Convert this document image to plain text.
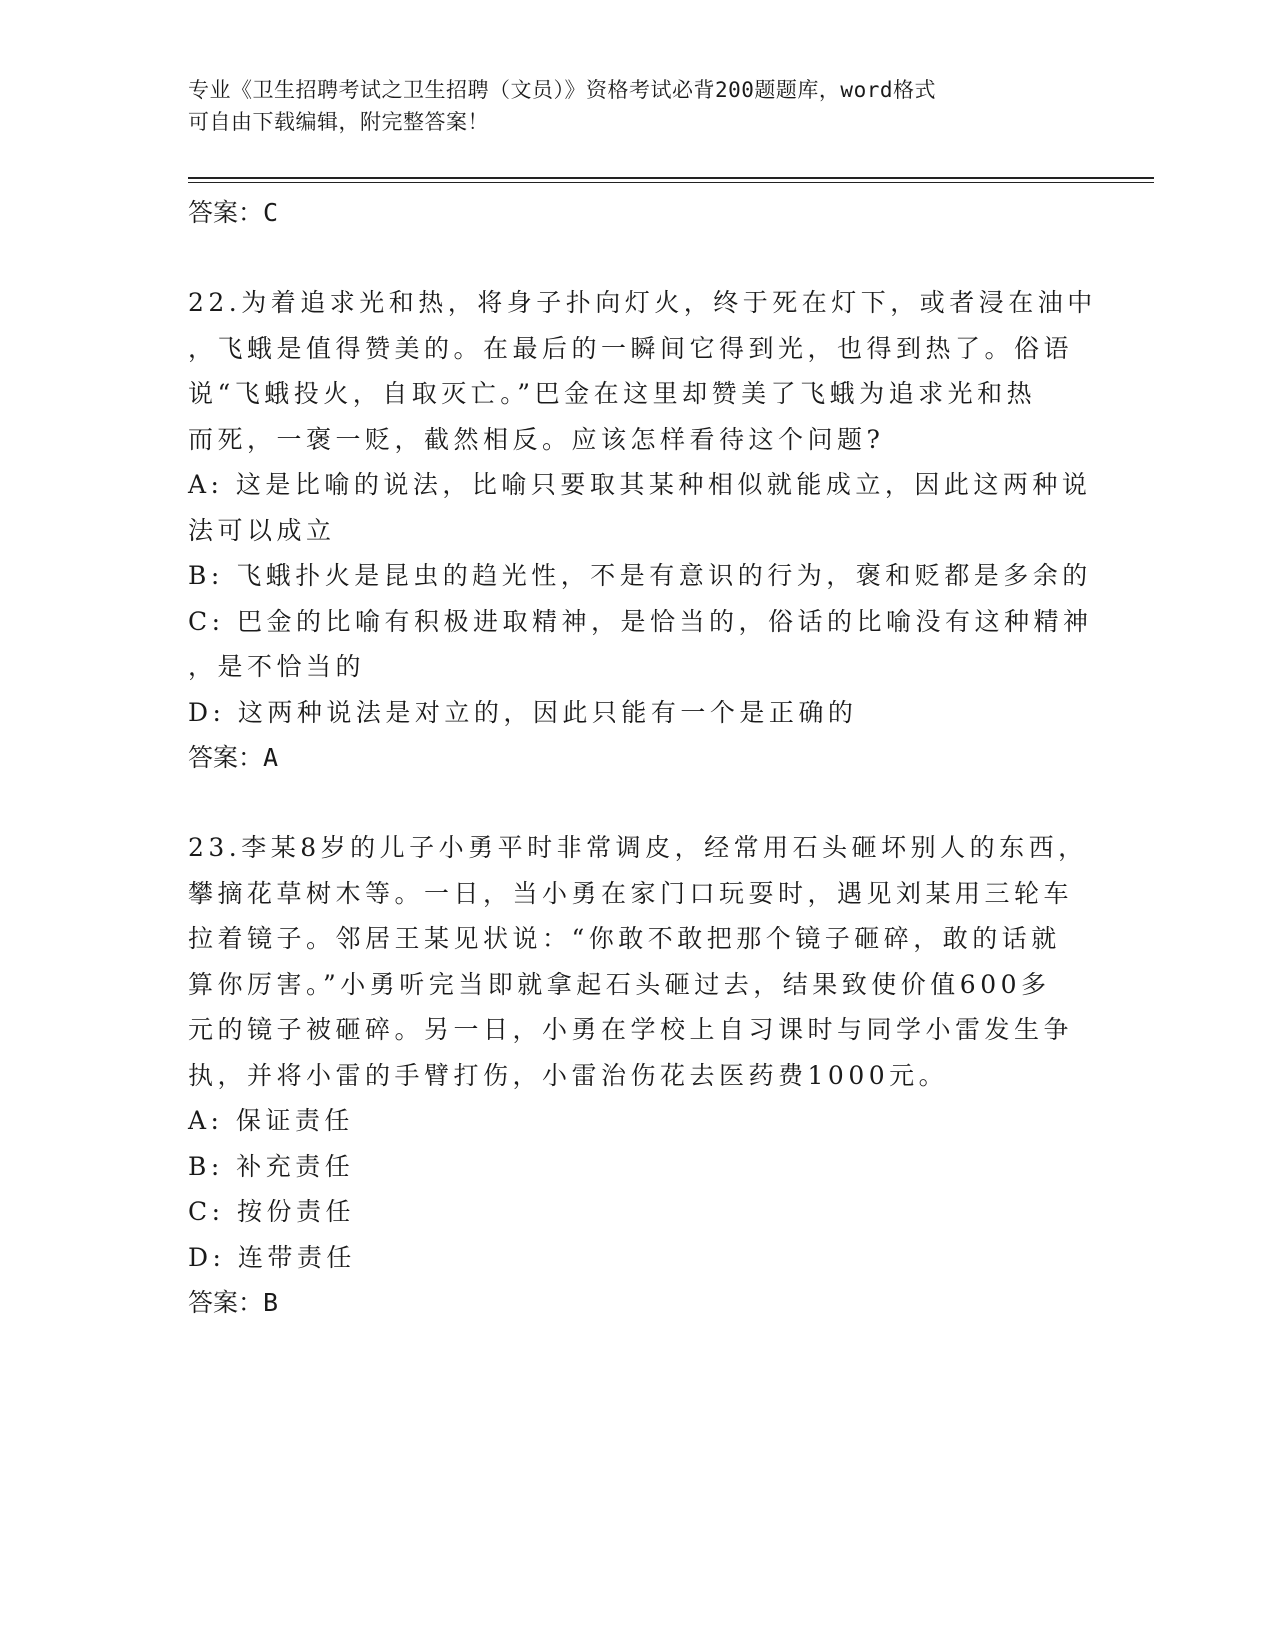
专业《卫生招聘考试之卫生招聘（文员）》资格考试必背200题题库，word格式
可自由下载编辑，附完整答案！
答案：C
22.为着追求光和热，将身子扑向灯火，终于死在灯下，或者浸在油中
，飞蛾是值得赞美的。在最后的一瞬间它得到光，也得到热了。俗语
说“飞蛾投火，自取灭亡。”巴金在这里却赞美了飞蛾为追求光和热
而死，一褒一贬，截然相反。应该怎样看待这个问题?
A: 这是比喻的说法，比喻只要取其某种相似就能成立，因此这两种说
法可以成立
B: 飞蛾扑火是昆虫的趋光性，不是有意识的行为，褒和贬都是多余的
C: 巴金的比喻有积极进取精神，是恰当的，俗话的比喻没有这种精神
，是不恰当的
D: 这两种说法是对立的，因此只能有一个是正确的
答案：A
23.李某8岁的儿子小勇平时非常调皮，经常用石头砸坏别人的东西，
攀摘花草树木等。一日，当小勇在家门口玩耍时，遇见刘某用三轮车
拉着镜子。邻居王某见状说：“你敢不敢把那个镜子砸碎，敢的话就
算你厉害。”小勇听完当即就拿起石头砸过去，结果致使价值600多
元的镜子被砸碎。另一日，小勇在学校上自习课时与同学小雷发生争
执，并将小雷的手臂打伤，小雷治伤花去医药费1000元。
A: 保证责任
B: 补充责任
C: 按份责任
D: 连带责任
答案：B
